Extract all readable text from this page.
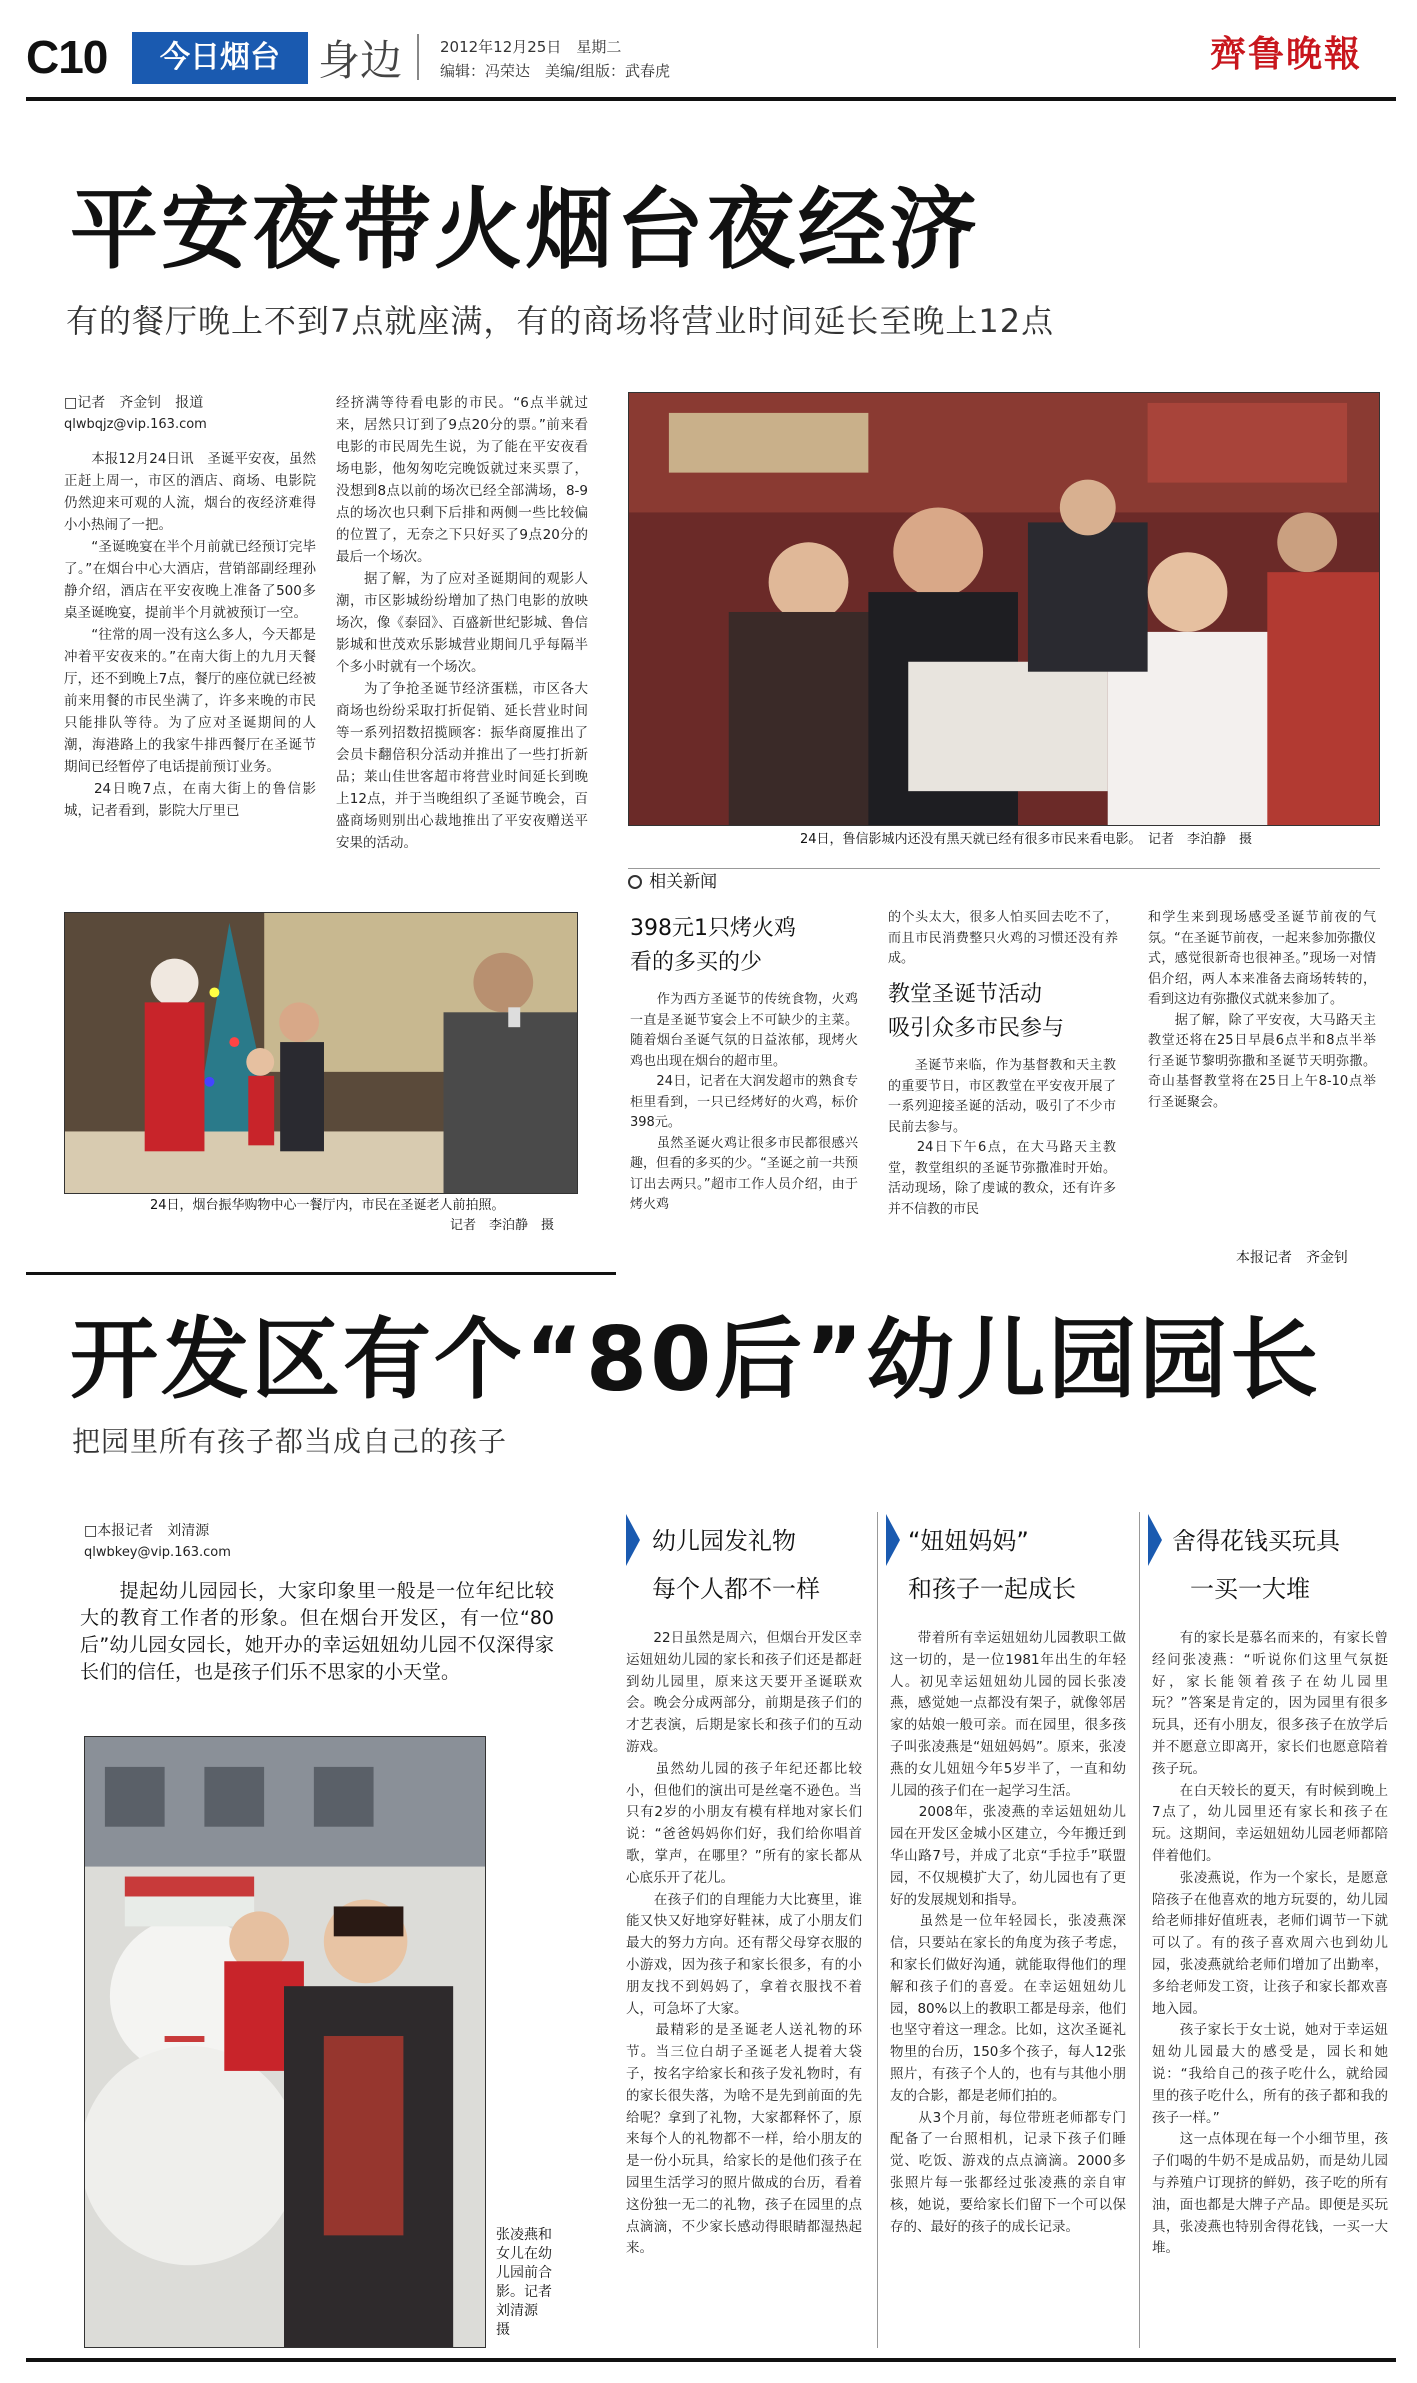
C10	今日烟台 身边	2012年12月25日　星期二
编辑：冯荣达　美编/组版：武春虎	齊鲁晚報
平安夜带火烟台夜经济
有的餐厅晚上不到7点就座满，有的商场将营业时间延长至晚上12点
□记者　齐金钊　报道
qlwbqjz@vip.163.com
　　本报12月24日讯　圣诞平安夜，虽然正赶上周一，市区的酒店、商场、电影院仍然迎来可观的人流，烟台的夜经济难得小小热闹了一把。
　　“圣诞晚宴在半个月前就已经预订完毕了。”在烟台中心大酒店，营销部副经理孙静介绍，酒店在平安夜晚上准备了500多桌圣诞晚宴，提前半个月就被预订一空。
　　“往常的周一没有这么多人，今天都是冲着平安夜来的。”在南大街上的九月天餐厅，还不到晚上7点，餐厅的座位就已经被前来用餐的市民坐满了，许多来晚的市民只能排队等待。为了应对圣诞期间的人潮，海港路上的我家牛排西餐厅在圣诞节期间已经暂停了电话提前预订业务。
　　24日晚7点，在南大街上的鲁信影城，记者看到，影院大厅里已
经挤满等待看电影的市民。“6点半就过来，居然只订到了9点20分的票。”前来看电影的市民周先生说，为了能在平安夜看场电影，他匆匆吃完晚饭就过来买票了，没想到8点以前的场次已经全部满场，8-9点的场次也只剩下后排和两侧一些比较偏的位置了，无奈之下只好买了9点20分的最后一个场次。
　　据了解，为了应对圣诞期间的观影人潮，市区影城纷纷增加了热门电影的放映场次，像《泰囧》、百盛新世纪影城、鲁信影城和世茂欢乐影城营业期间几乎每隔半个多小时就有一个场次。
　　为了争抢圣诞节经济蛋糕，市区各大商场也纷纷采取打折促销、延长营业时间等一系列招数招揽顾客：振华商厦推出了会员卡翻倍积分活动并推出了一些打折新品；莱山佳世客超市将营业时间延长到晚上12点，并于当晚组织了圣诞节晚会，百盛商场则别出心裁地推出了平安夜赠送平安果的活动。	24日，鲁信影城内还没有黑天就已经有很多市民来看电影。　记者　李泊静　摄
24日，烟台振华购物中心一餐厅内，市民在圣诞老人前拍照。
记者　李泊静　摄
相关新闻
398元1只烤火鸡
看的多买的少
　　作为西方圣诞节的传统食物，火鸡一直是圣诞节宴会上不可缺少的主菜。随着烟台圣诞气氛的日益浓郁，现烤火鸡也出现在烟台的超市里。
　　24日，记者在大润发超市的熟食专柜里看到，一只已经烤好的火鸡，标价398元。
　　虽然圣诞火鸡让很多市民都很感兴趣，但看的多买的少。“圣诞之前一共预订出去两只。”超市工作人员介绍，由于烤火鸡
的个头太大，很多人怕买回去吃不了，而且市民消费整只火鸡的习惯还没有养成。
教堂圣诞节活动
吸引众多市民参与
　　圣诞节来临，作为基督教和天主教的重要节日，市区教堂在平安夜开展了一系列迎接圣诞的活动，吸引了不少市民前去参与。
　　24日下午6点，在大马路天主教堂，教堂组织的圣诞节弥撒准时开始。活动现场，除了虔诚的教众，还有许多并不信教的市民
和学生来到现场感受圣诞节前夜的气氛。“在圣诞节前夜，一起来参加弥撒仪式，感觉很新奇也很神圣。”现场一对情侣介绍，两人本来准备去商场转转的，看到这边有弥撒仪式就来参加了。
　　据了解，除了平安夜，大马路天主教堂还将在25日早晨6点半和8点半举行圣诞节黎明弥撒和圣诞节天明弥撒。奇山基督教堂将在25日上午8-10点举行圣诞聚会。
本报记者　齐金钊
开发区有个“80后”幼儿园园长
把园里所有孩子都当成自己的孩子
□本报记者　刘清源
qlwbkey@vip.163.com
　　提起幼儿园园长，大家印象里一般是一位年纪比较大的教育工作者的形象。但在烟台开发区，有一位“80后”幼儿园女园长，她开办的幸运妞妞幼儿园不仅深得家长们的信任，也是孩子们乐不思家的小天堂。
张凌燕和女儿在幼儿园前合影。记者　刘清源　摄
幼儿园发礼物
每个人都不一样
　　22日虽然是周六，但烟台开发区幸运妞妞幼儿园的家长和孩子们还是都赶到幼儿园里，原来这天要开圣诞联欢会。晚会分成两部分，前期是孩子们的才艺表演，后期是家长和孩子们的互动游戏。
　　虽然幼儿园的孩子年纪还都比较小，但他们的演出可是丝毫不逊色。当只有2岁的小朋友有模有样地对家长们说：“爸爸妈妈你们好，我们给你唱首歌，掌声，在哪里？”所有的家长都从心底乐开了花儿。
　　在孩子们的自理能力大比赛里，谁能又快又好地穿好鞋袜，成了小朋友们最大的努力方向。还有帮父母穿衣服的小游戏，因为孩子和家长很多，有的小朋友找不到妈妈了，拿着衣服找不着人，可急坏了大家。
　　最精彩的是圣诞老人送礼物的环节。当三位白胡子圣诞老人提着大袋子，按名字给家长和孩子发礼物时，有的家长很失落，为啥不是先到前面的先给呢？拿到了礼物，大家都释怀了，原来每个人的礼物都不一样，给小朋友的是一份小玩具，给家长的是他们孩子在园里生活学习的照片做成的台历，看着这份独一无二的礼物，孩子在园里的点点滴滴，不少家长感动得眼睛都湿热起来。
“妞妞妈妈”
和孩子一起成长
　　带着所有幸运妞妞幼儿园教职工做这一切的，是一位1981年出生的年轻人。初见幸运妞妞幼儿园的园长张凌燕，感觉她一点都没有架子，就像邻居家的姑娘一般可亲。而在园里，很多孩子叫张凌燕是“妞妞妈妈”。原来，张凌燕的女儿妞妞今年5岁半了，一直和幼儿园的孩子们在一起学习生活。
　　2008年，张凌燕的幸运妞妞幼儿园在开发区金城小区建立，今年搬迁到华山路7号，并成了北京“手拉手”联盟园，不仅规模扩大了，幼儿园也有了更好的发展规划和指导。
　　虽然是一位年轻园长，张凌燕深信，只要站在家长的角度为孩子考虑，和家长们做好沟通，就能取得他们的理解和孩子们的喜爱。在幸运妞妞幼儿园，80%以上的教职工都是母亲，他们也坚守着这一理念。比如，这次圣诞礼物里的台历，150多个孩子，每人12张照片，有孩子个人的，也有与其他小朋友的合影，都是老师们拍的。
　　从3个月前，每位带班老师都专门配备了一台照相机，记录下孩子们睡觉、吃饭、游戏的点点滴滴。2000多张照片每一张都经过张凌燕的亲自审核，她说，要给家长们留下一个可以保存的、最好的孩子的成长记录。
舍得花钱买玩具
一买一大堆
　　有的家长是慕名而来的，有家长曾经问张凌燕：“听说你们这里气氛挺好，家长能领着孩子在幼儿园里玩？”答案是肯定的，因为园里有很多玩具，还有小朋友，很多孩子在放学后并不愿意立即离开，家长们也愿意陪着孩子玩。
　　在白天较长的夏天，有时候到晚上7点了，幼儿园里还有家长和孩子在玩。这期间，幸运妞妞幼儿园老师都陪伴着他们。
　　张凌燕说，作为一个家长，是愿意陪孩子在他喜欢的地方玩耍的，幼儿园给老师排好值班表，老师们调节一下就可以了。有的孩子喜欢周六也到幼儿园，张凌燕就给老师们增加了出勤率，多给老师发工资，让孩子和家长都欢喜地入园。
　　孩子家长于女士说，她对于幸运妞妞幼儿园最大的感受是，园长和她说：“我给自己的孩子吃什么，就给园里的孩子吃什么，所有的孩子都和我的孩子一样。”
　　这一点体现在每一个小细节里，孩子们喝的牛奶不是成品奶，而是幼儿园与养殖户订现挤的鲜奶，孩子吃的所有油，面也都是大牌子产品。即便是买玩具，张凌燕也特别舍得花钱，一买一大堆。
